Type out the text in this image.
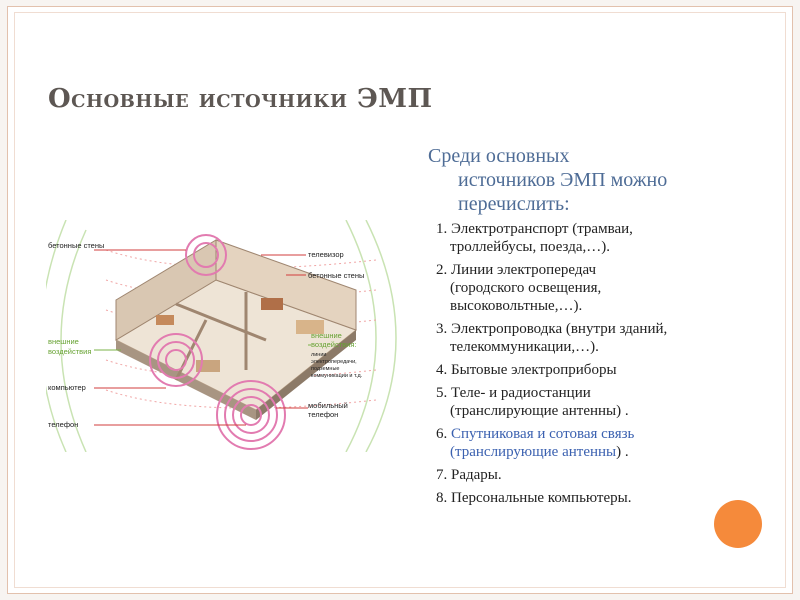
Основные источники ЭМП
бетонные стены
телевизор
бетонные стены
внешние
воздействия
внешние
воздействия:
линии
электропередачи,
подземные
коммуникации и т.д.
компьютер
мобильный
телефон
телефон

Среди основных
источников ЭМП можно
перечислить:

1. Электротранспорт (трамваи,
троллейбусы, поезда,…).
2. Линии электропередач
(городского освещения,
высоковольтные,…).
3. Электропроводка (внутри зданий,
телекоммуникации,…).
4. Бытовые электроприборы
5. Теле- и радиостанции
(транслирующие антенны) .
6. Спутниковая и сотовая связь
(транслирующие антенны) .
7. Радары.
8. Персональные компьютеры.
